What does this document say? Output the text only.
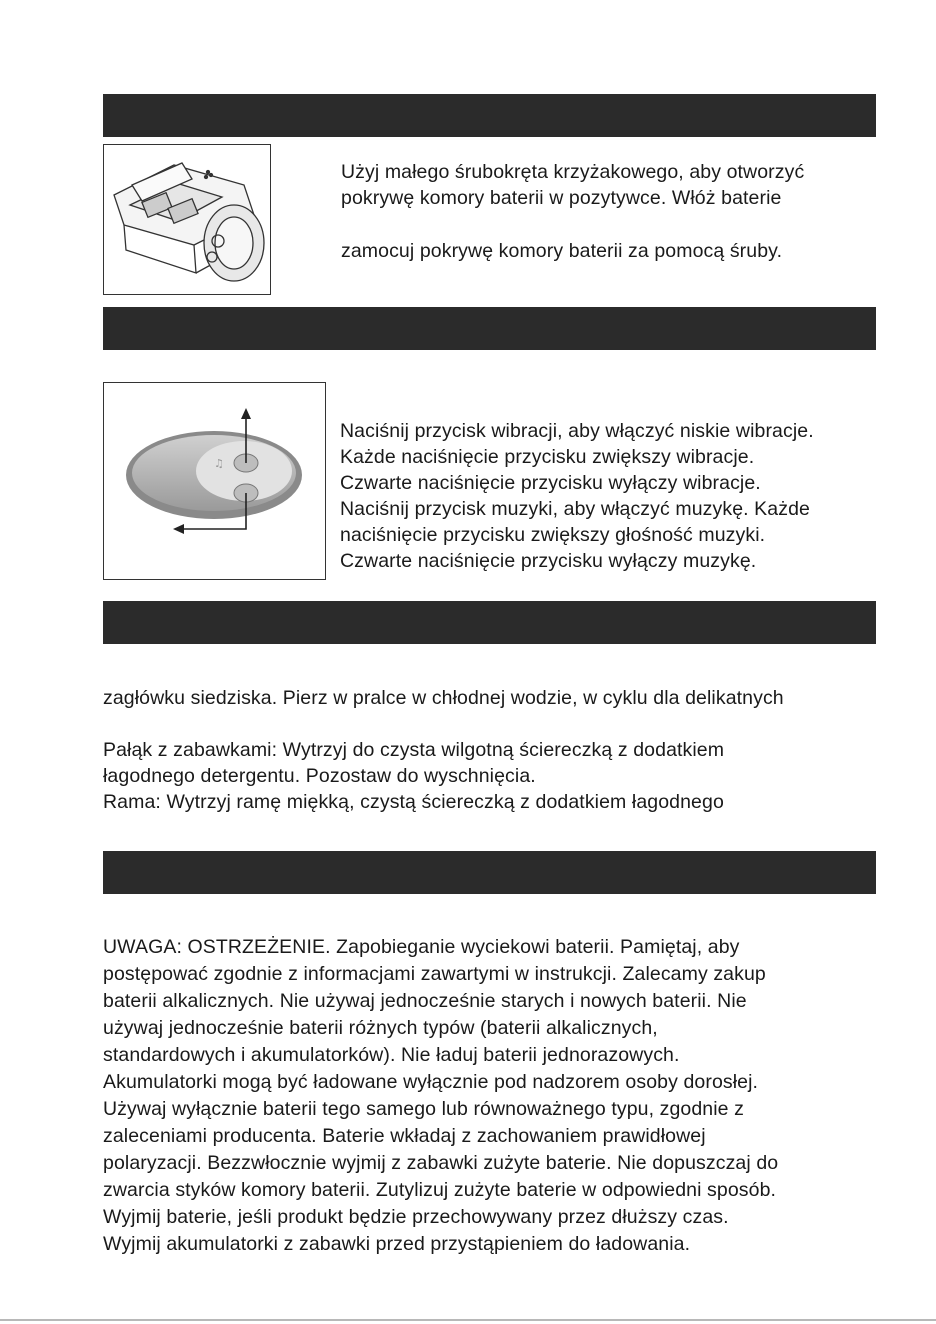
Użyj małego śrubokręta krzyżakowego, aby otworzyć
pokrywę komory baterii w pozytywce. Włóż baterie
zamocuj pokrywę komory baterii za pomocą śruby.
♫
Naciśnij przycisk wibracji, aby włączyć niskie wibracje.
Każde naciśnięcie przycisku zwiększy wibracje.
Czwarte naciśnięcie przycisku wyłączy wibracje.
Naciśnij przycisk muzyki, aby włączyć muzykę. Każde
naciśnięcie przycisku zwiększy głośność muzyki.
Czwarte naciśnięcie przycisku wyłączy muzykę.
zagłówku siedziska. Pierz w pralce w chłodnej wodzie, w cyklu dla delikatnych
Pałąk z zabawkami: Wytrzyj do czysta wilgotną ściereczką z dodatkiem
łagodnego detergentu. Pozostaw do wyschnięcia.
Rama: Wytrzyj ramę miękką, czystą ściereczką z dodatkiem łagodnego
UWAGA: OSTRZEŻENIE. Zapobieganie wyciekowi baterii. Pamiętaj, aby
postępować zgodnie z informacjami zawartymi w instrukcji. Zalecamy zakup
baterii alkalicznych. Nie używaj jednocześnie starych i nowych baterii. Nie
używaj jednocześnie baterii różnych typów (baterii alkalicznych,
standardowych i akumulatorków). Nie ładuj baterii jednorazowych.
Akumulatorki mogą być ładowane wyłącznie pod nadzorem osoby dorosłej.
Używaj wyłącznie baterii tego samego lub równoważnego typu, zgodnie z
zaleceniami producenta. Baterie wkładaj z zachowaniem prawidłowej
polaryzacji. Bezzwłocznie wyjmij z zabawki zużyte baterie. Nie dopuszczaj do
zwarcia styków komory baterii. Zutylizuj zużyte baterie w odpowiedni sposób.
Wyjmij baterie, jeśli produkt będzie przechowywany przez dłuższy czas.
Wyjmij akumulatorki z zabawki przed przystąpieniem do ładowania.
